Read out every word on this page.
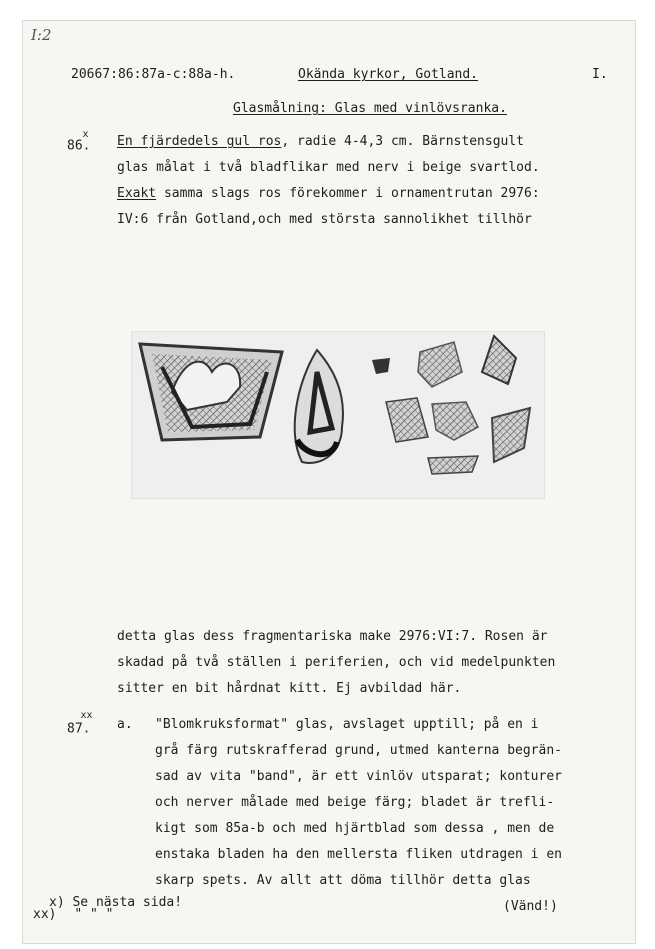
I:2
20667:86:87a-c:88a-h.	Okända kyrkor, Gotland.	I.
Glasmålning: Glas med vinlövsranka.
86.$^x$	En fjärdedels gul ros, radie 4-4,3 cm. Bärnstensgult
glas målat i två bladflikar med nerv i beige svartlod.
Exakt samma slags ros förekommer i ornamentrutan 2976:
IV:6 från Gotland,och med största sannolikhet tillhör
detta glas dess fragmentariska make 2976:VI:7. Rosen är
skadad på två ställen i periferien, och vid medelpunkten
sitter en bit hårdnat kitt. Ej avbildad här.
87.$^{xx}$
a. "Blomkruksformat" glas, avslaget upptill; på en i
grå färg rutskrafferad grund, utmed kanterna begrän-
sad av vita "band", är ett vinlöv utsparat; konturer
och nerver målade med beige färg; bladet är trefli-
kigt som 85a-b och med hjärtblad som dessa , men de
enstaka bladen ha den mellersta fliken utdragen i en
skarp spets. Av allt att döma tillhör detta glas
x) Se nästa sida!
xx) " " "
(Vänd!)
